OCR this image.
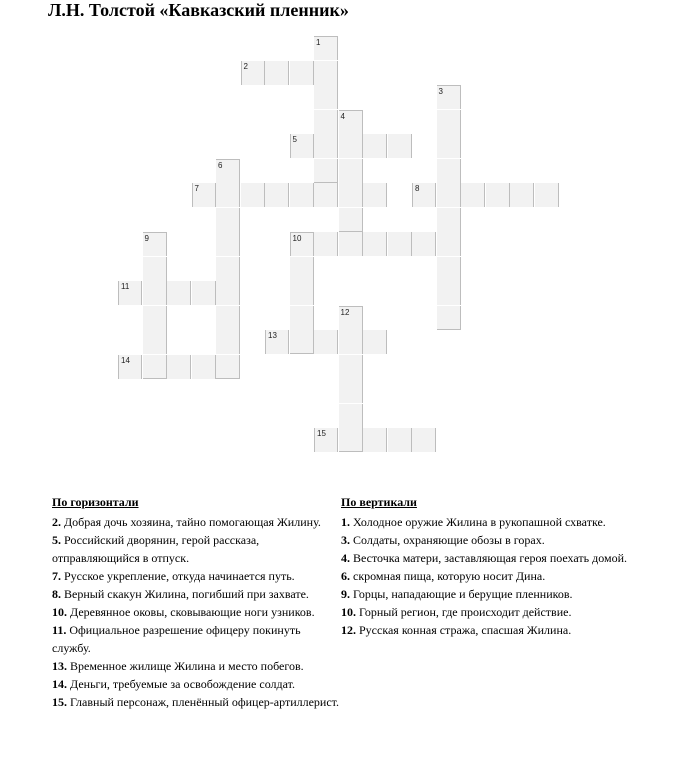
Л.Н. Толстой «Кавказский пленник»
1
2
3
4
5
6
7	8
9	10
11
12
13
14
15
По горизонтали
2. Добрая дочь хозяина, тайно помогающая Жилину.
5. Российский дворянин, герой рассказа, отправляющийся в отпуск.
7. Русское укрепление, откуда начинается путь.
8. Верный скакун Жилина, погибший при захвате.
10. Деревянное оковы, сковывающие ноги узников.
11. Официальное разрешение офицеру покинуть службу.
13. Временное жилище Жилина и место побегов.
14. Деньги, требуемые за освобождение солдат.
15. Главный персонаж, пленённый офицер-артиллерист.
По вертикали
1. Холодное оружие Жилина в рукопашной схватке.
3. Солдаты, охраняющие обозы в горах.
4. Весточка матери, заставляющая героя поехать домой.
6. скромная пища, которую носит Дина.
9. Горцы, нападающие и берущие пленников.
10. Горный регион, где происходит действие.
12. Русская конная стража, спасшая Жилина.
